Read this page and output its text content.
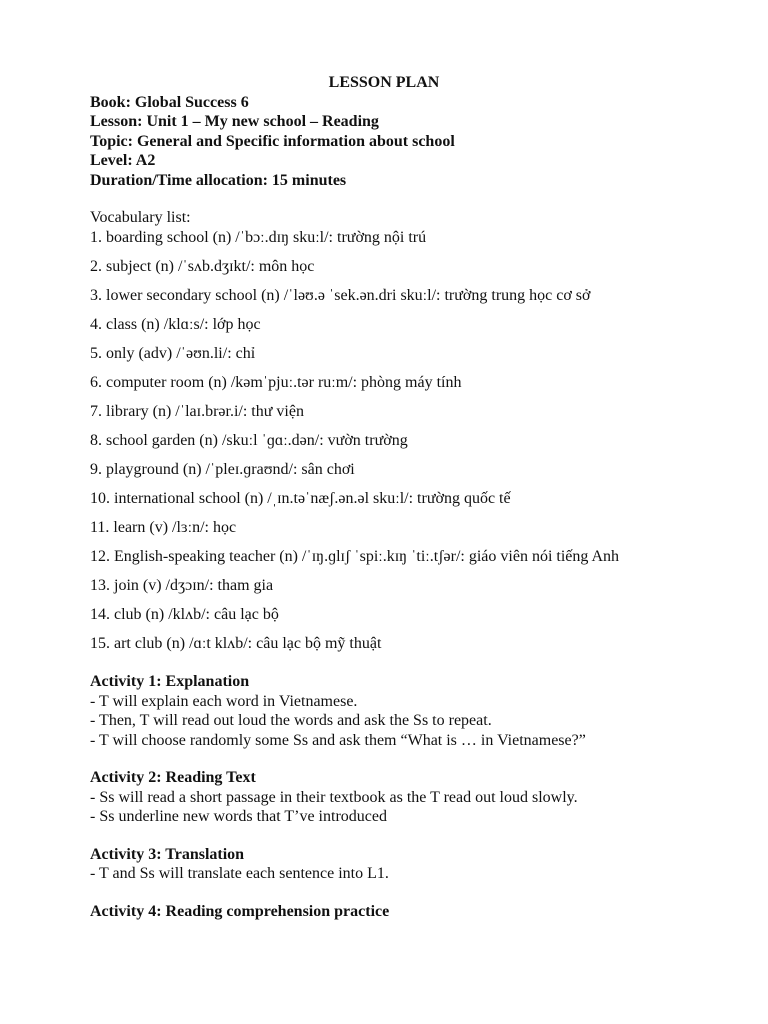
LESSON PLAN
Book: Global Success 6
Lesson: Unit 1 – My new school – Reading
Topic: General and Specific information about school
Level: A2
Duration/Time allocation: 15 minutes
Vocabulary list:
1. boarding school (n) /ˈbɔː.dɪŋ skuːl/: trường nội trú
2. subject (n) /ˈsʌb.dʒɪkt/: môn học
3. lower secondary school (n) /ˈləʊ.ə ˈsek.ən.dri skuːl/: trường trung học cơ sở
4. class (n) /klɑːs/: lớp học
5. only (adv) /ˈəʊn.li/: chỉ
6. computer room (n) /kəmˈpjuː.tər ruːm/: phòng máy tính
7. library (n) /ˈlaɪ.brər.i/: thư viện
8. school garden (n) /skuːl ˈɡɑː.dən/: vườn trường
9. playground (n) /ˈpleɪ.ɡraʊnd/: sân chơi
10. international school (n) /ˌɪn.təˈnæʃ.ən.əl skuːl/: trường quốc tế
11. learn (v) /lɜːn/: học
12. English-speaking teacher (n) /ˈɪŋ.ɡlɪʃ ˈspiː.kɪŋ ˈtiː.tʃər/: giáo viên nói tiếng Anh
13. join (v) /dʒɔɪn/: tham gia
14. club (n) /klʌb/: câu lạc bộ
15. art club (n) /ɑːt klʌb/: câu lạc bộ mỹ thuật
Activity 1: Explanation
- T will explain each word in Vietnamese.
- Then, T will read out loud the words and ask the Ss to repeat.
- T will choose randomly some Ss and ask them “What is … in Vietnamese?”
Activity 2: Reading Text
- Ss will read a short passage in their textbook as the T read out loud slowly.
- Ss underline new words that T’ve introduced
Activity 3: Translation
- T and Ss will translate each sentence into L1.
Activity 4: Reading comprehension practice
